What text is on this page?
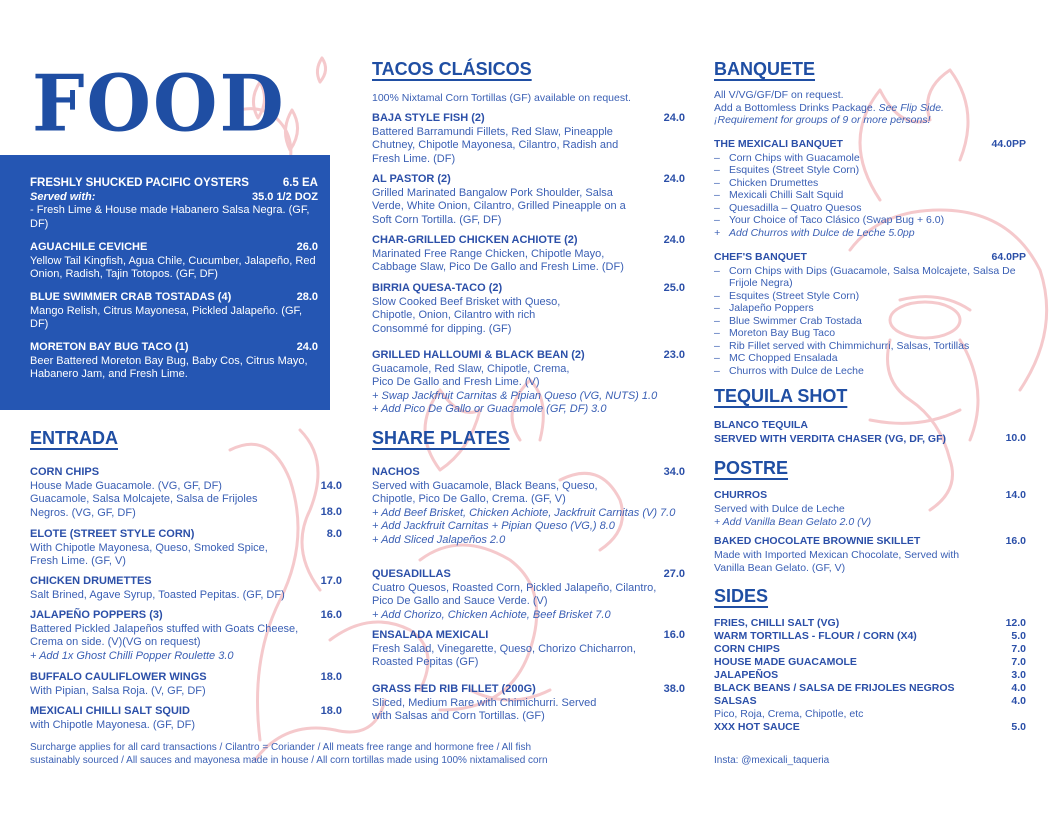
FOOD
FRESHLY SHUCKED PACIFIC OYSTERS	6.5 EA
Served with:	35.0 1/2 DOZ
- Fresh Lime & House made Habanero Salsa Negra. (GF, DF)
AGUACHILE CEVICHE	26.0
Yellow Tail Kingfish, Agua Chile, Cucumber, Jalapeño, Red Onion, Radish, Tajin Totopos. (GF, DF)
BLUE SWIMMER CRAB TOSTADAS (4)	28.0
Mango Relish, Citrus Mayonesa, Pickled Jalapeño. (GF, DF)
MORETON BAY BUG TACO (1)	24.0
Beer Battered Moreton Bay Bug, Baby Cos, Citrus Mayo, Habanero Jam, and Fresh Lime.
ENTRADA
CORN CHIPS
House Made Guacamole. (VG, GF, DF)	14.0
Guacamole, Salsa Molcajete, Salsa de Frijoles Negros. (VG, GF, DF)	18.0
ELOTE (STREET STYLE CORN)	8.0
With Chipotle Mayonesa, Queso, Smoked Spice, Fresh Lime. (GF, V)
CHICKEN DRUMETTES	17.0
Salt Brined, Agave Syrup, Toasted Pepitas. (GF, DF)
JALAPEÑO POPPERS (3)	16.0
Battered Pickled Jalapeños stuffed with Goats Cheese, Crema on side. (V)(VG on request)
+ Add 1x Ghost Chilli Popper Roulette 3.0
BUFFALO CAULIFLOWER WINGS	18.0
With Pipian, Salsa Roja. (V, GF, DF)
MEXICALI CHILLI SALT SQUID	18.0
with Chipotle Mayonesa. (GF, DF)
Surcharge applies for all card transactions / Cilantro = Coriander / All meats free range and hormone free / All fish sustainably sourced / All sauces and mayonesa made in house / All corn tortillas made using 100% nixtamalised corn
TACOS CLÁSICOS
100% Nixtamal Corn Tortillas (GF) available on request.
BAJA STYLE FISH (2)	24.0
Battered Barramundi Fillets, Red Slaw, Pineapple Chutney, Chipotle Mayonesa, Cilantro, Radish and Fresh Lime. (DF)
AL PASTOR (2)	24.0
Grilled Marinated Bangalow Pork Shoulder, Salsa Verde, White Onion, Cilantro, Grilled Pineapple on a Soft Corn Tortilla. (GF, DF)
CHAR-GRILLED CHICKEN ACHIOTE (2)	24.0
Marinated Free Range Chicken, Chipotle Mayo, Cabbage Slaw, Pico De Gallo and Fresh Lime. (DF)
BIRRIA QUESA-TACO (2)	25.0
Slow Cooked Beef Brisket with Queso, Chipotle, Onion, Cilantro with rich Consommé for dipping. (GF)
GRILLED HALLOUMI & BLACK BEAN (2)	23.0
Guacamole, Red Slaw, Chipotle, Crema, Pico De Gallo and Fresh Lime. (V)
+ Swap Jackfruit Carnitas & Pipian Queso (VG, NUTS) 1.0
+ Add Pico De Gallo or Guacamole (GF, DF) 3.0
SHARE PLATES
NACHOS	34.0
Served with Guacamole, Black Beans, Queso, Chipotle, Pico De Gallo, Crema. (GF, V)
+ Add Beef Brisket, Chicken Achiote, Jackfruit Carnitas (V) 7.0
+ Add Jackfruit Carnitas + Pipian Queso (VG,) 8.0
+ Add Sliced Jalapeños 2.0
QUESADILLAS	27.0
Cuatro Quesos, Roasted Corn, Pickled Jalapeño, Cilantro, Pico De Gallo and Sauce Verde. (V)
+ Add Chorizo, Chicken Achiote, Beef Brisket 7.0
ENSALADA MEXICALI	16.0
Fresh Salad, Vinegarette, Queso, Chorizo Chicharron, Roasted Pepitas (GF)
GRASS FED RIB FILLET (200G)	38.0
Sliced, Medium Rare with Chimichurri. Served with Salsas and Corn Tortillas. (GF)
BANQUETE
All V/VG/GF/DF on request.
Add a Bottomless Drinks Package. See Flip Side.
¡Requirement for groups of 9 or more persons!
THE MEXICALI BANQUET	44.0PP
– Corn Chips with Guacamole
– Esquites (Street Style Corn)
– Chicken Drumettes
– Mexicali Chilli Salt Squid
– Quesadilla – Quatro Quesos
– Your Choice of Taco Clásico (Swap Bug + 6.0)
+ Add Churros with Dulce de Leche 5.0pp
CHEF'S BANQUET	64.0PP
– Corn Chips with Dips (Guacamole, Salsa Molcajete, Salsa De Frijole Negra)
– Esquites (Street Style Corn)
– Jalapeño Poppers
– Blue Swimmer Crab Tostada
– Moreton Bay Bug Taco
– Rib Fillet served with Chimmichurri, Salsas, Tortillas
– MC Chopped Ensalada
– Churros with Dulce de Leche
TEQUILA SHOT
BLANCO TEQUILA
SERVED WITH VERDITA CHASER (VG, DF, GF)	10.0
POSTRE
CHURROS	14.0
Served with Dulce de Leche
+ Add Vanilla Bean Gelato 2.0 (V)
BAKED CHOCOLATE BROWNIE SKILLET	16.0
Made with Imported Mexican Chocolate, Served with Vanilla Bean Gelato. (GF, V)
SIDES
FRIES, CHILLI SALT (VG)	12.0
WARM TORTILLAS - FLOUR / CORN (X4)	5.0
CORN CHIPS	7.0
HOUSE MADE GUACAMOLE	7.0
JALAPEÑOS	3.0
BLACK BEANS / SALSA DE FRIJOLES NEGROS	4.0
SALSAS	4.0
Pico, Roja, Crema, Chipotle, etc
XXX HOT SAUCE	5.0
Insta: @mexicali_taqueria
